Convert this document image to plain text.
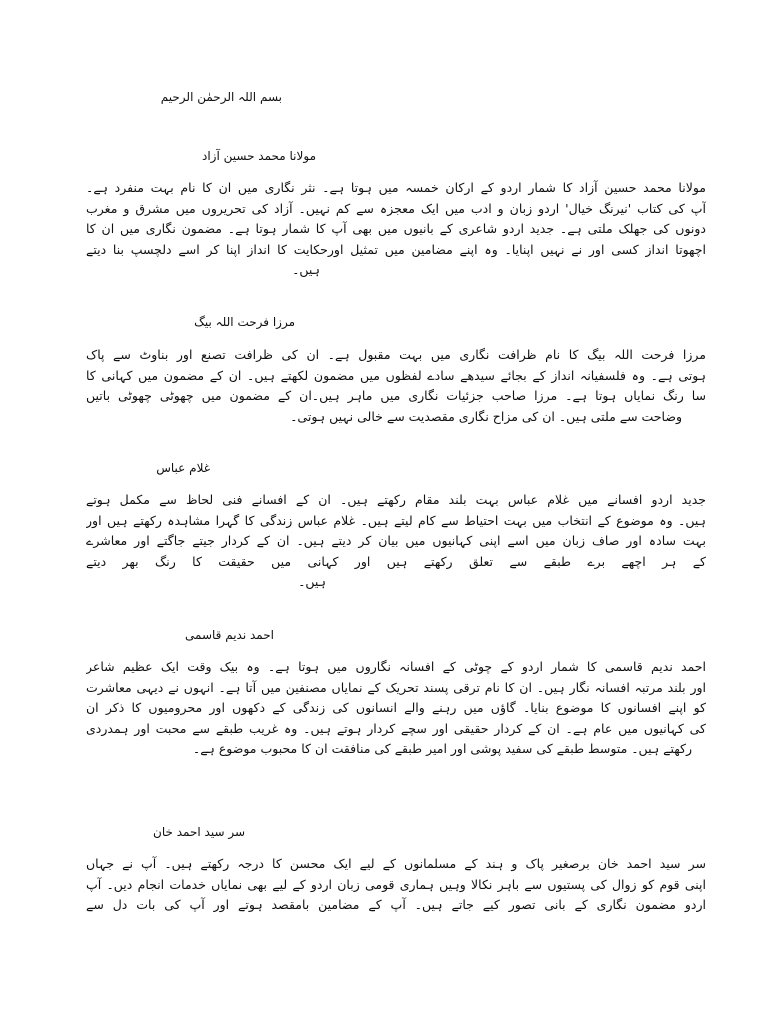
بسم اللہ الرحمٰن الرحیم
مولانا محمد حسین آزاد
مولانا محمد حسین آزاد کا شمار اردو کے ارکان خمسہ میں ہوتا ہے۔ نثر نگاری میں ان کا نام بہت منفرد ہے۔
آپ کی کتاب 'نیرنگ خیال' اردو زبان و ادب میں ایک معجزہ سے کم نہیں۔ آزاد کی تحریروں میں مشرق و مغرب
دونوں کی جھلک ملتی ہے۔ جدید اردو شاعری کے بانیوں میں بھی آپ کا شمار ہوتا ہے۔ مضمون نگاری میں ان کا
اچھوتا انداز کسی اور نے نہیں اپنایا۔ وہ اپنے مضامین میں تمثیل اورحکایت کا انداز اپنا کر اسے دلچسپ بنا دیتے
ہیں۔
مرزا فرحت اللہ بیگ
مرزا فرحت اللہ بیگ کا نام ظرافت نگاری میں بہت مقبول ہے۔ ان کی ظرافت تصنع اور بناوٹ سے پاک
ہوتی ہے۔ وہ فلسفیانہ انداز کے بجائے سیدھے سادے لفظوں میں مضمون لکھتے ہیں۔ ان کے مضمون میں کہانی کا
سا رنگ نمایاں ہوتا ہے۔ مرزا صاحب جزئیات نگاری میں ماہر ہیں۔ان کے مضمون میں چھوٹی چھوٹی باتیں
وضاحت سے ملتی ہیں۔ ان کی مزاح نگاری مقصدیت سے خالی نہیں ہوتی۔
غلام عباس
جدید اردو افسانے میں غلام عباس بہت بلند مقام رکھتے ہیں۔ ان کے افسانے فنی لحاظ سے مکمل ہوتے
ہیں۔ وہ موضوع کے انتخاب میں بہت احتیاط سے کام لیتے ہیں۔ غلام عباس زندگی کا گہرا مشاہدہ رکھتے ہیں اور
بہت سادہ اور صاف زبان میں اسے اپنی کہانیوں میں بیان کر دیتے ہیں۔ ان کے کردار جیتے جاگتے اور معاشرے
کے ہر اچھے برے طبقے سے تعلق رکھتے ہیں اور کہانی میں حقیقت کا رنگ بھر دیتے
ہیں۔
احمد ندیم قاسمی
احمد ندیم قاسمی کا شمار اردو کے چوٹی کے افسانہ نگاروں میں ہوتا ہے۔ وہ بیک وقت ایک عظیم شاعر
اور بلند مرتبہ افسانہ نگار ہیں۔ ان کا نام ترقی پسند تحریک کے نمایاں مصنفین میں آتا ہے۔ انہوں نے دیہی معاشرت
کو اپنے افسانوں کا موضوع بنایا۔ گاؤں میں رہنے والے انسانوں کی زندگی کے دکھوں اور محرومیوں کا ذکر ان
کی کہانیوں میں عام ہے۔ ان کے کردار حقیقی اور سچے کردار ہوتے ہیں۔ وہ غریب طبقے سے محبت اور ہمدردی
رکھتے ہیں۔ متوسط طبقے کی سفید پوشی اور امیر طبقے کی منافقت ان کا محبوب موضوع ہے۔
سر سید احمد خان
سر سید احمد خان برصغیر پاک و ہند کے مسلمانوں کے لیے ایک محسن کا درجہ رکھتے ہیں۔ آپ نے جہاں
اپنی قوم کو زوال کی پستیوں سے باہر نکالا وہیں ہماری قومی زبان اردو کے لیے بھی نمایاں خدمات انجام دیں۔ آپ
اردو مضمون نگاری کے بانی تصور کیے جاتے ہیں۔ آپ کے مضامین بامقصد ہوتے اور آپ کی بات دل سے
